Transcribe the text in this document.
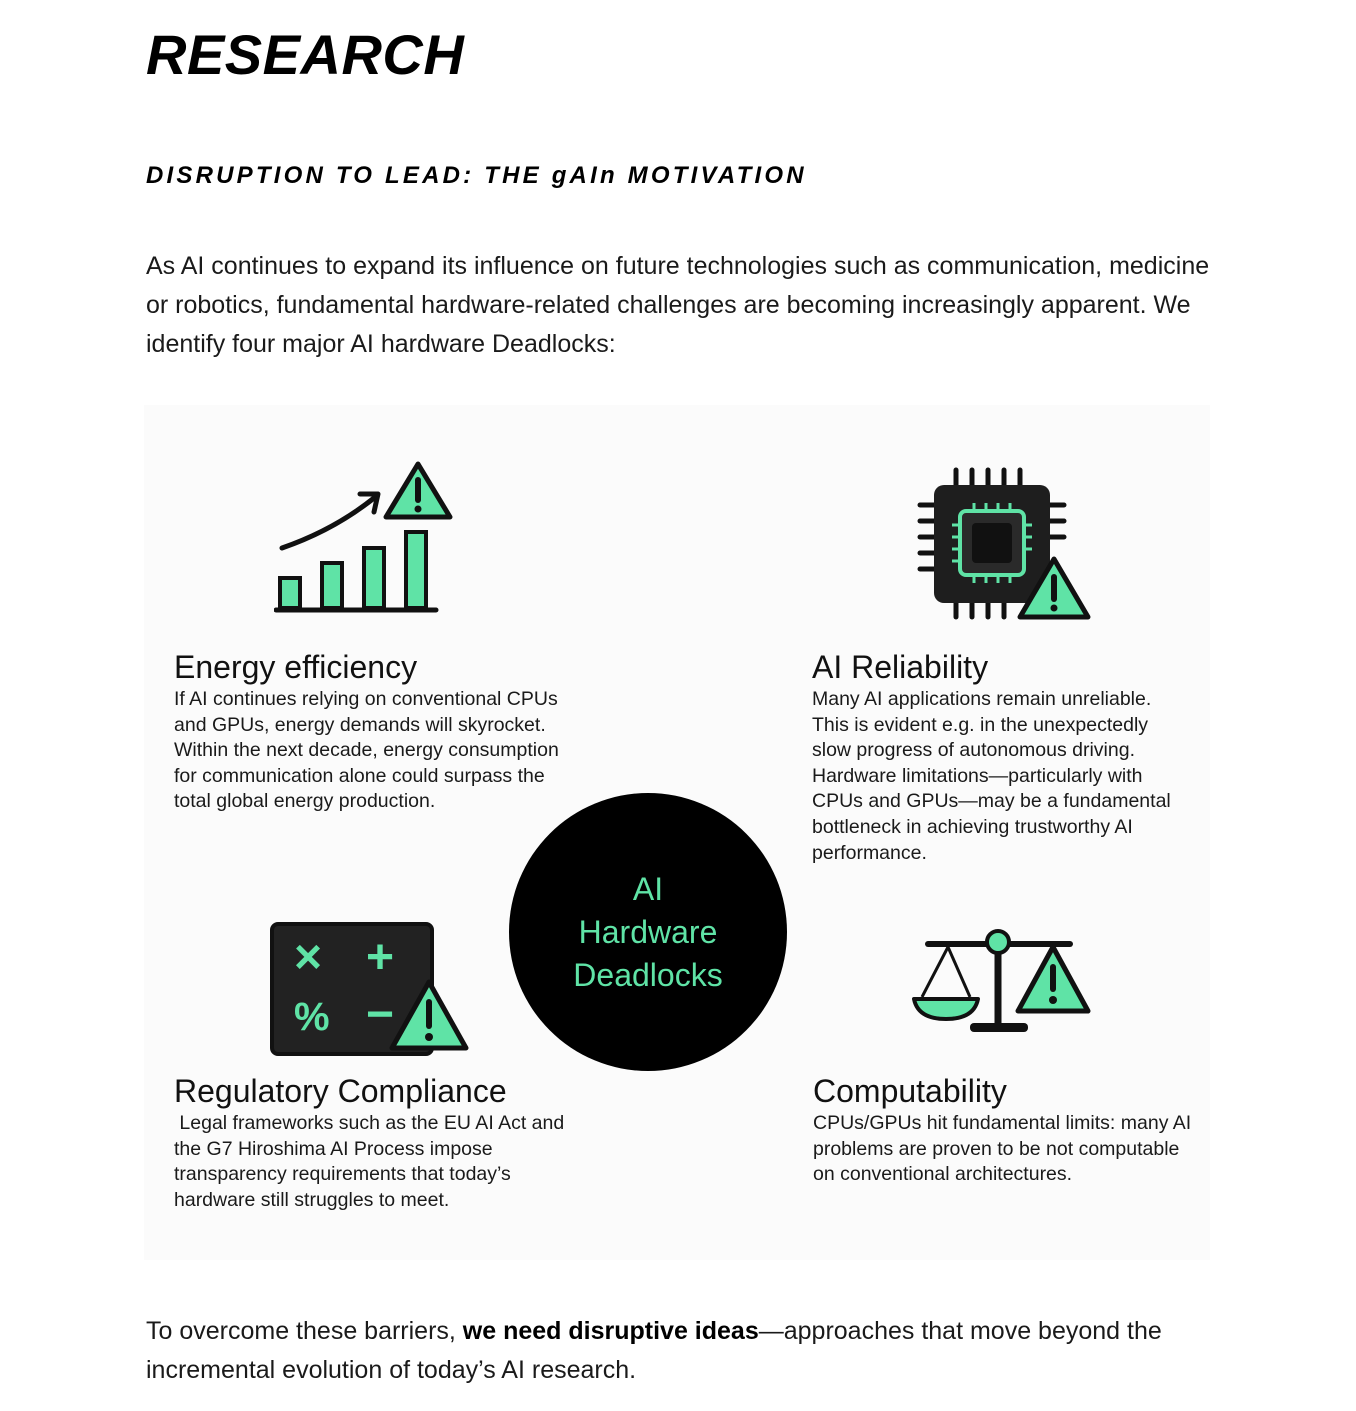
RESEARCH
DISRUPTION TO LEAD: THE gAIn MOTIVATION

As AI continues to expand its influence on future technologies such as communication, medicine or robotics, fundamental hardware-related challenges are becoming increasingly apparent. We identify four major AI hardware Deadlocks:

Energy efficiency

If AI continues relying on conventional CPUs and GPUs, energy demands will skyrocket. Within the next decade, energy consumption for communication alone could surpass the total global energy production.

AI Reliability

Many AI applications remain unreliable. This is evident e.g. in the unexpectedly slow progress of autonomous driving. Hardware limitations—particularly with CPUs and GPUs—may be a fundamental bottleneck in achieving trustworthy AI performance.

AI
Hardware
Deadlocks
× +
% −
Regulatory Compliance

Legal frameworks such as the EU AI Act and the G7 Hiroshima AI Process impose transparency requirements that today’s hardware still struggles to meet.

Computability

CPUs/GPUs hit fundamental limits: many AI problems are proven to be not computable on conventional architectures.

To overcome these barriers, we need disruptive ideas—approaches that move beyond the incremental evolution of today’s AI research.
